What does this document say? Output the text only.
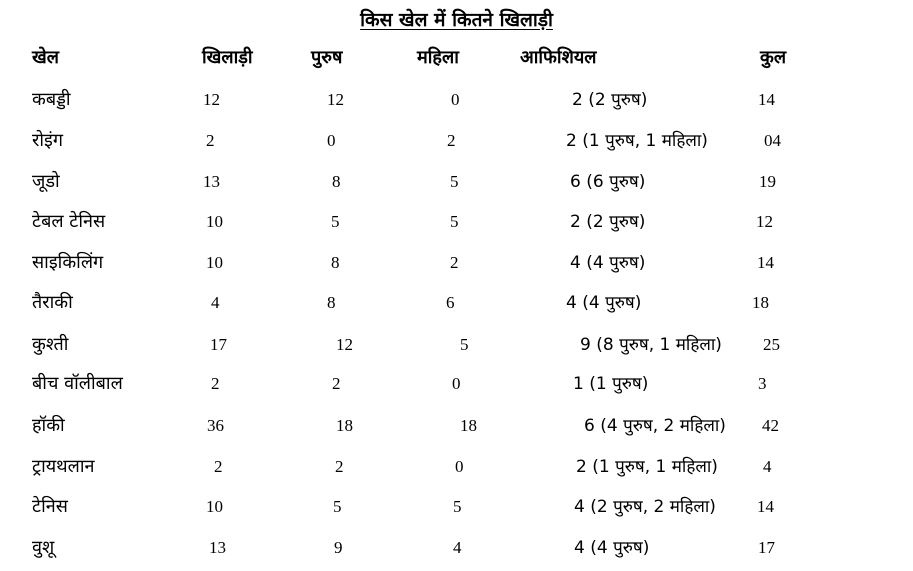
किस खेल में कितने खिलाड़ी
खेल	खिलाड़ी	पुरुष	महिला	आफिशियल	कुल
कबड्डी	12	12	0	2 (2 पुरुष)	14
रोइंग	2	0	2	2 (1 पुरुष, 1 महिला)	04
जूडो	13	8	5	6 (6 पुरुष)	19
टेबल टेनिस	10	5	5	2 (2 पुरुष)	12
साइकिलिंग	10	8	2	4 (4 पुरुष)	14
तैराकी	4	8	6	4 (4 पुरुष)	18
कुश्ती	17	12	5	9 (8 पुरुष, 1 महिला) 25
बीच वॉलीबाल	2	2	0	1 (1 पुरुष)	3
हॉकी	36	18	18	6 (4 पुरुष, 2 महिला) 42
ट्रायथलान	2	2	0	2 (1 पुरुष, 1 महिला)	4
टेनिस	10	5	5	4 (2 पुरुष, 2 महिला) 14
वुशू	13	9	4	4 (4 पुरुष)	17
